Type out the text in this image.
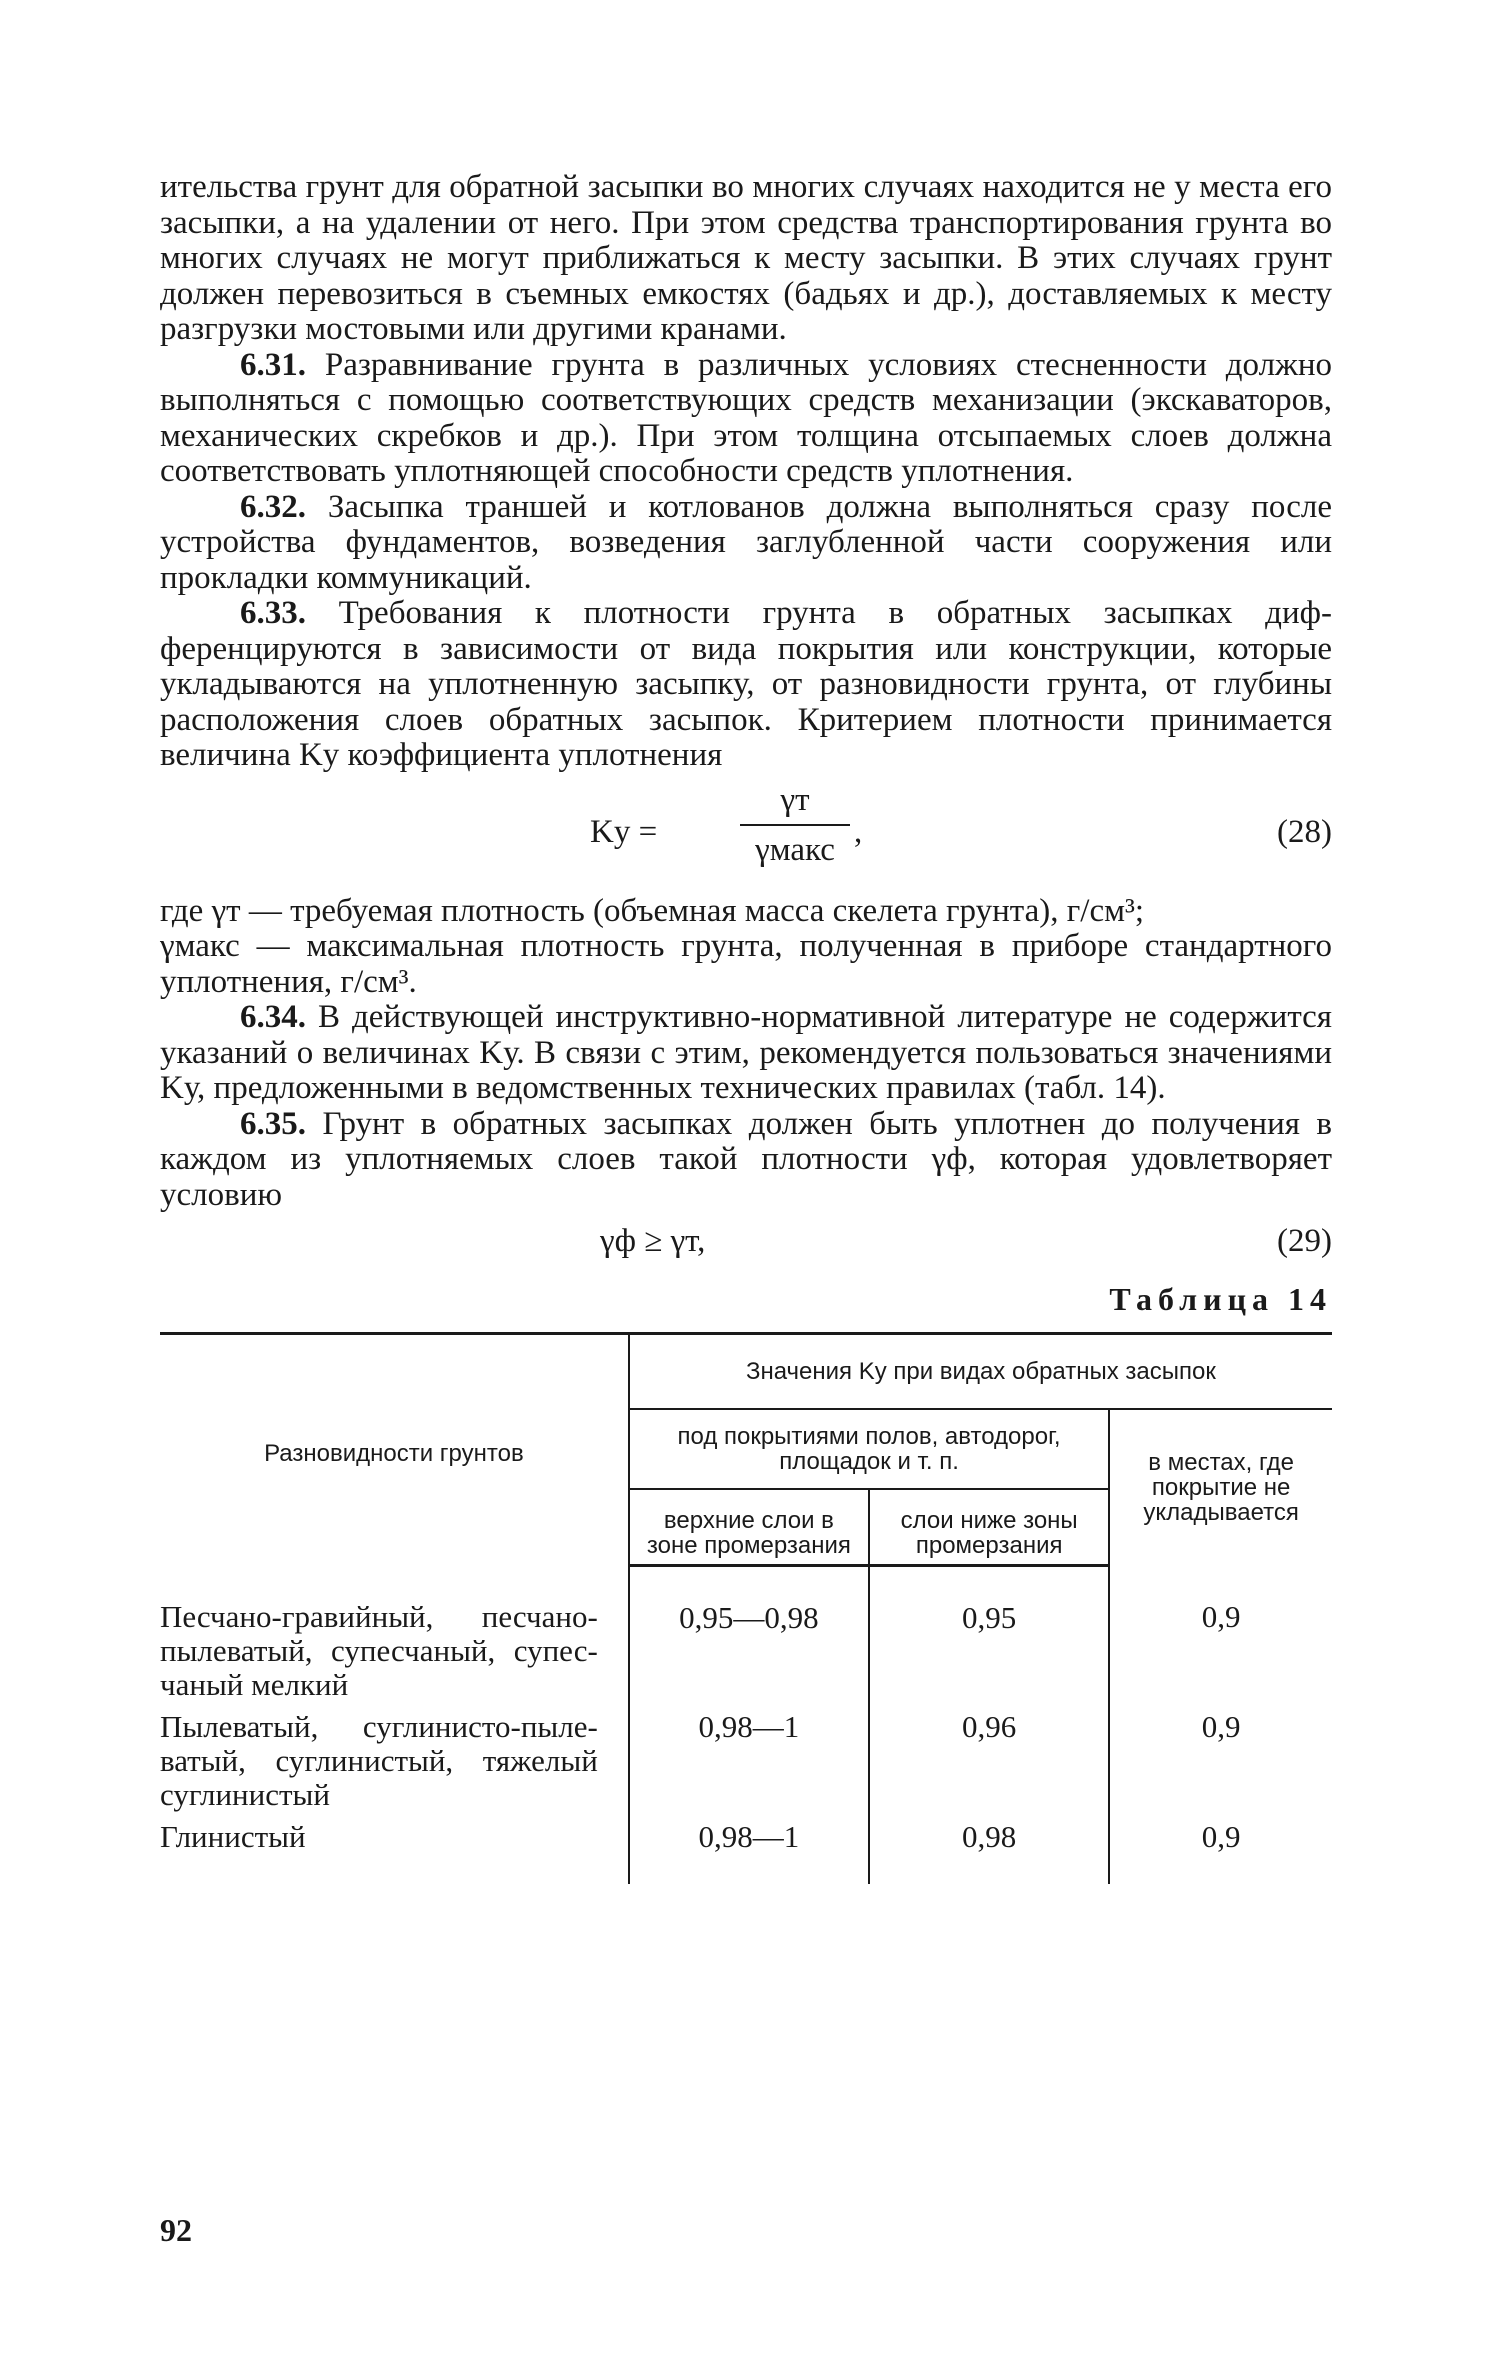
ительства грунт для обратной засыпки во многих случаях находится не у места его засыпки, а на удалении от него. При этом средства транспортирования грунта во многих случаях не могут приближаться к месту засыпки. В этих случаях грунт должен перевозиться в съемных емкостях (бадьях и др.), доставляемых к месту разгрузки мостовыми или другими кранами.

6.31. Разравнивание грунта в различных условиях стесненности должно выполняться с помощью соответствующих средств механизации (экскаваторов, механических скребков и др.). При этом толщина отсыпаемых слоев должна соответствовать уплотняющей способности средств уплотнения.

6.32. Засыпка траншей и котлованов должна выполняться сразу после устройства фундаментов, возведения заглубленной части сооружения или прокладки коммуникаций.

6.33. Требования к плотности грунта в обратных засыпках дифференцируются в зависимости от вида покрытия или конструкции, которые укладываются на уплотненную засыпку, от разновидности грунта, от глубины расположения слоев обратных засыпок. Критерием плотности принимается величина Kу коэффициента уплотнения

Kу =
γт
γмакс ,	(28)

где γт — требуемая плотность (объемная масса скелета грунта), г/см³;

γмакс — максимальная плотность грунта, полученная в приборе стандартного уплотнения, г/см³.

6.34. В действующей инструктивно-нормативной литературе не содержится указаний о величинах Kу. В связи с этим, рекомендуется пользоваться значениями Kу, предложенными в ведомственных технических правилах (табл. 14).

6.35. Грунт в обратных засыпках должен быть уплотнен до получения в каждом из уплотняемых слоев такой плотности γф, которая удовлетворяет условию

γф ≥ γт,	(29)
Таблица 14
Разновидности грунтов	Значения Kу при видах обратных засыпок		
	под покрытиями полов, автодорог, площадок и т. п.		в местах, где покрытие не укладывается
	верхние слои в зоне промерзания	слои ниже зоны промерзания	
Песчано-гравийный, песчанопылеватый, супесчаный, супесчаный мелкий	0,95—0,98	0,95	0,9
Пылеватый, суглинисто-пылеватый, суглинистый, тяжелый суглинистый	0,98—1	0,96	0,9
Глинистый	0,98—1	0,98	0,9
92
